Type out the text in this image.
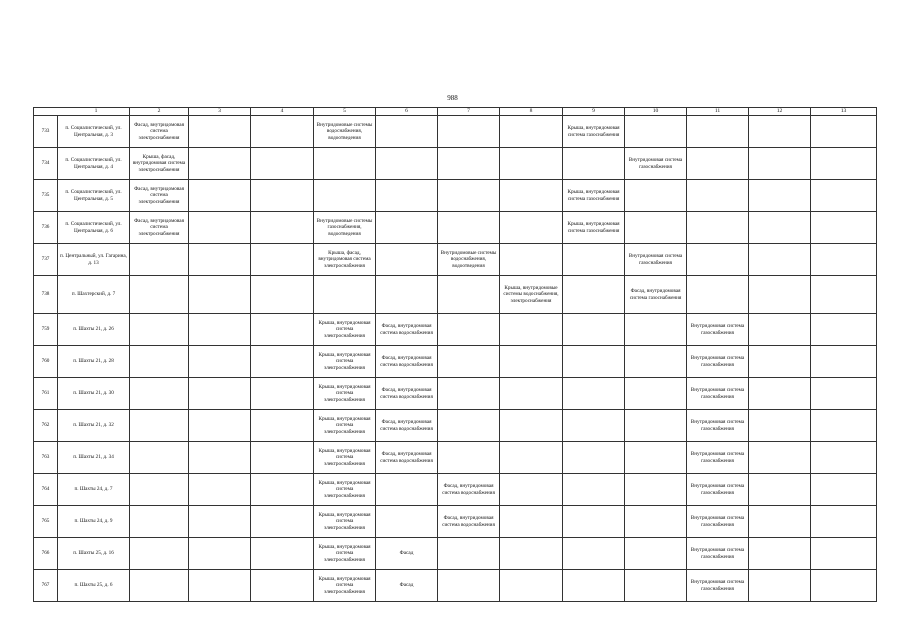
988
1		2	3	4	5	6	7	8	9	10	11	12	13
733	п. Социалистический, ул. Центральная, д. 3	Фасад, внутридомовая система электроснабжения			Внутридомовые системы водоснабжения, водоотведения				Крыша, внутридомовая система газоснабжения				
734	п. Социалистический, ул. Центральная, д. 4	Крыша, фасад, внутридомовая система электроснабжения								Внутридомовая система газоснабжения			
735	п. Социалистический, ул. Центральная, д. 5	Фасад, внутридомовая система электроснабжения							Крыша, внутридомовая система газоснабжения				
736	п. Социалистический, ул. Центральная, д. 6	Фасад, внутридомовая система электроснабжения			Внутридомовые системы газоснабжения, водоотведения				Крыша, внутридомовая система газоснабжения				
737	п. Центральный, ул. Гагарина, д. 13				Крыша, фасад, внутридомовая система электроснабжения		Внутридомовые системы водоснабжения, водоотведения			Внутридомовая система газоснабжения			
738	п. Шахтерский, д. 7							Крыша, внутридомовые системы водоснабжения, электроснабжения		Фасад, внутридомовая система газоснабжения			
759	п. Шахты 21, д. 26				Крыша, внутридомовая система электроснабжения	Фасад, внутридомовая система водоснабжения					Внутридомовая система газоснабжения		
760	п. Шахты 21, д. 28				Крыша, внутридомовая система электроснабжения	Фасад, внутридомовая система водоснабжения					Внутридомовая система газоснабжения		
761	п. Шахты 21, д. 30				Крыша, внутридомовая система электроснабжения	Фасад, внутридомовая система водоснабжения					Внутридомовая система газоснабжения		
762	п. Шахты 21, д. 32				Крыша, внутридомовая система электроснабжения	Фасад, внутридомовая система водоснабжения					Внутридомовая система газоснабжения		
763	п. Шахты 21, д. 34				Крыша, внутридомовая система электроснабжения	Фасад, внутридомовая система водоснабжения					Внутридомовая система газоснабжения		
764	п. Шахты 24, д. 7				Крыша, внутридомовая система электроснабжения		Фасад, внутридомовая система водоснабжения				Внутридомовая система газоснабжения		
765	п. Шахты 24, д. 9				Крыша, внутридомовая система электроснабжения		Фасад, внутридомовая система водоснабжения				Внутридомовая система газоснабжения		
766	п. Шахты 25, д. 16				Крыша, внутридомовая система электроснабжения	Фасад					Внутридомовая система газоснабжения		
767	п. Шахты 25, д. 6				Крыша, внутридомовая система электроснабжения	Фасад					Внутридомовая система газоснабжения		
